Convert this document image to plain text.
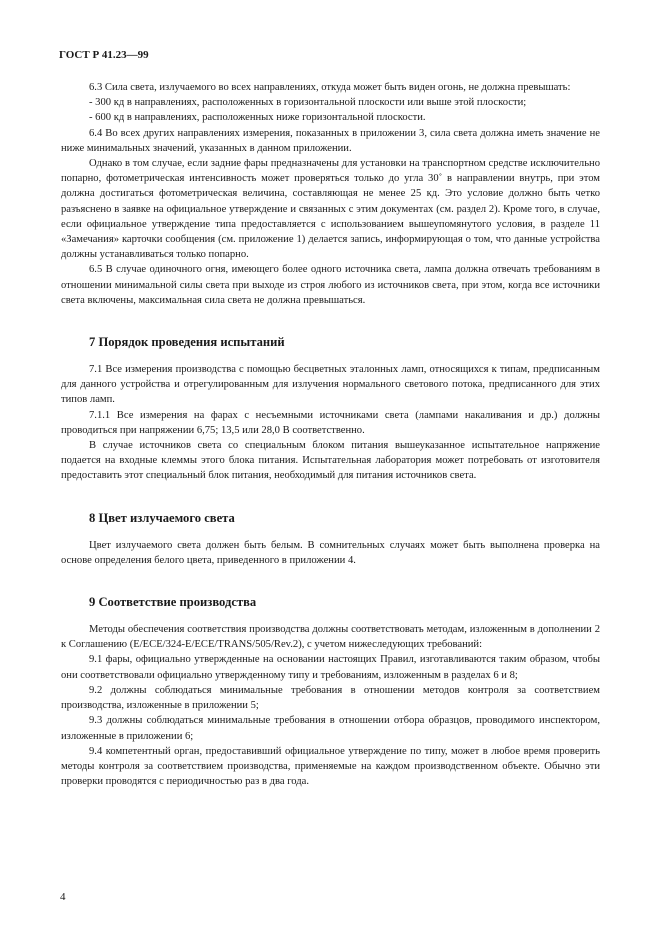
ГОСТ Р 41.23—99

6.3 Сила света, излучаемого во всех направлениях, откуда может быть виден огонь, не должна превышать:

- 300 кд в направлениях, расположенных в горизонтальной плоскости или выше этой плоскости;

- 600 кд в направлениях, расположенных ниже горизонтальной плоскости.

6.4 Во всех других направлениях измерения, показанных в приложении 3, сила света должна иметь значение не ниже минимальных значений, указанных в данном приложении.

Однако в том случае, если задние фары предназначены для установки на транспортном средстве исключительно попарно, фотометрическая интенсивность может проверяться только до угла 30˚ в направлении внутрь, при этом должна достигаться фотометрическая величина, составляющая не менее 25 кд. Это условие должно быть четко разъяснено в заявке на официальное утверждение и связанных с этим документах (см. раздел 2). Кроме того, в случае, если официальное утверждение типа предоставляется с использованием вышеупомянутого условия, в разделе 11 «Замечания» карточки сообщения (см. приложение 1) делается запись, информирующая о том, что данные устройства должны устанавливаться только попарно.

6.5 В случае одиночного огня, имеющего более одного источника света, лампа должна отвечать требованиям в отношении минимальной силы света при выходе из строя любого из источников света, при этом, когда все источники света включены, максимальная сила света не должна превышаться.

7 Порядок проведения испытаний

7.1 Все измерения производства с помощью бесцветных эталонных ламп, относящихся к типам, предписанным для данного устройства и отрегулированным для излучения нормального светового потока, предписанного для этих типов ламп.

7.1.1 Все измерения на фарах с несъемными источниками света (лампами накаливания и др.) должны проводиться при напряжении 6,75; 13,5 или 28,0 В соответственно.

В случае источников света со специальным блоком питания вышеуказанное испытательное напряжение подается на входные клеммы этого блока питания. Испытательная лаборатория может потребовать от изготовителя предоставить этот специальный блок питания, необходимый для питания источников света.

8 Цвет излучаемого света

Цвет излучаемого света должен быть белым. В сомнительных случаях может быть выполнена проверка на основе определения белого цвета, приведенного в приложении 4.

9 Соответствие производства

Методы обеспечения соответствия производства должны соответствовать методам, изложенным в дополнении 2 к Соглашению (E/ECE/324-E/ECE/TRANS/505/Rev.2), с учетом нижеследующих требований:

9.1 фары, официально утвержденные на основании настоящих Правил, изготавливаются таким образом, чтобы они соответствовали официально утвержденному типу и требованиям, изложенным в разделах 6 и 8;

9.2 должны соблюдаться минимальные требования в отношении методов контроля за соответствием производства, изложенные в приложении 5;

9.3 должны соблюдаться минимальные требования в отношении отбора образцов, проводимого инспектором, изложенные в приложении 6;

9.4 компетентный орган, предоставивший официальное утверждение по типу, может в любое время проверить методы контроля за соответствием производства, применяемые на каждом производственном объекте. Обычно эти проверки проводятся с периодичностью раз в два года.

4
